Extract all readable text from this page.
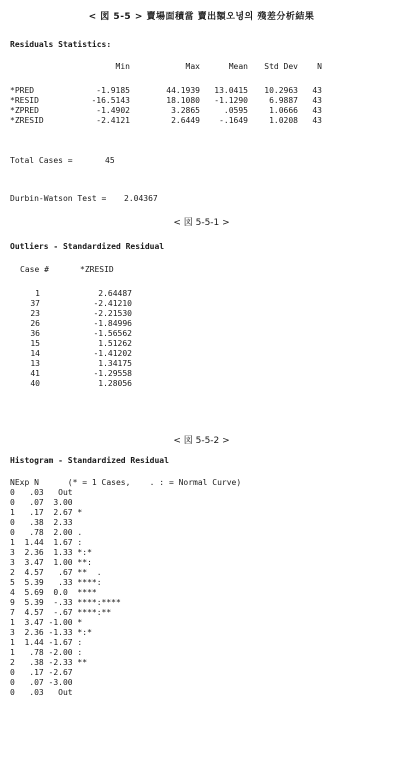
< 図 5-5 > 賣場面積當 賣出額오녕의 殘差分析結果
Residuals Statistics:
	Min	Max	Mean	Std Dev	N

*PRED	-1.9185	44.1939	13.0415	10.2963	43
*RESID	-16.5143	18.1080	-1.1290	6.9887	43
*ZPRED	-1.4902	3.2865	.0595	1.0666	43
*ZRESID	-2.4121	2.6449	-.1649	1.0208	43
Total Cases =	45
Durbin-Watson Test = 2.04367
< 図 5-5-1 >
Outliers - Standardized Residual
Case #	*ZRESID

1	2.64487
37	-2.41210
23	-2.21530
26	-1.84996
36	-1.56562
15	1.51262
14	-1.41202
13	1.34175
41	-1.29558
40	1.28056
< 図 5-5-2 >
Histogram - Standardized Residual
NExp N      (* = 1 Cases,    . : = Normal Curve)
0   .03   Out
0   .07  3.00
1   .17  2.67 *
0   .38  2.33
0   .78  2.00 .
1  1.44  1.67 :
3  2.36  1.33 *:*
3  3.47  1.00 **:
2  4.57   .67 **  .
5  5.39   .33 ****:
4  5.69  0.0  ****
9  5.39  -.33 ****:****
7  4.57  -.67 ****:**
1  3.47 -1.00 *
3  2.36 -1.33 *:*
1  1.44 -1.67 :
1   .78 -2.00 :
2   .38 -2.33 **
0   .17 -2.67
0   .07 -3.00
0   .03   Out
